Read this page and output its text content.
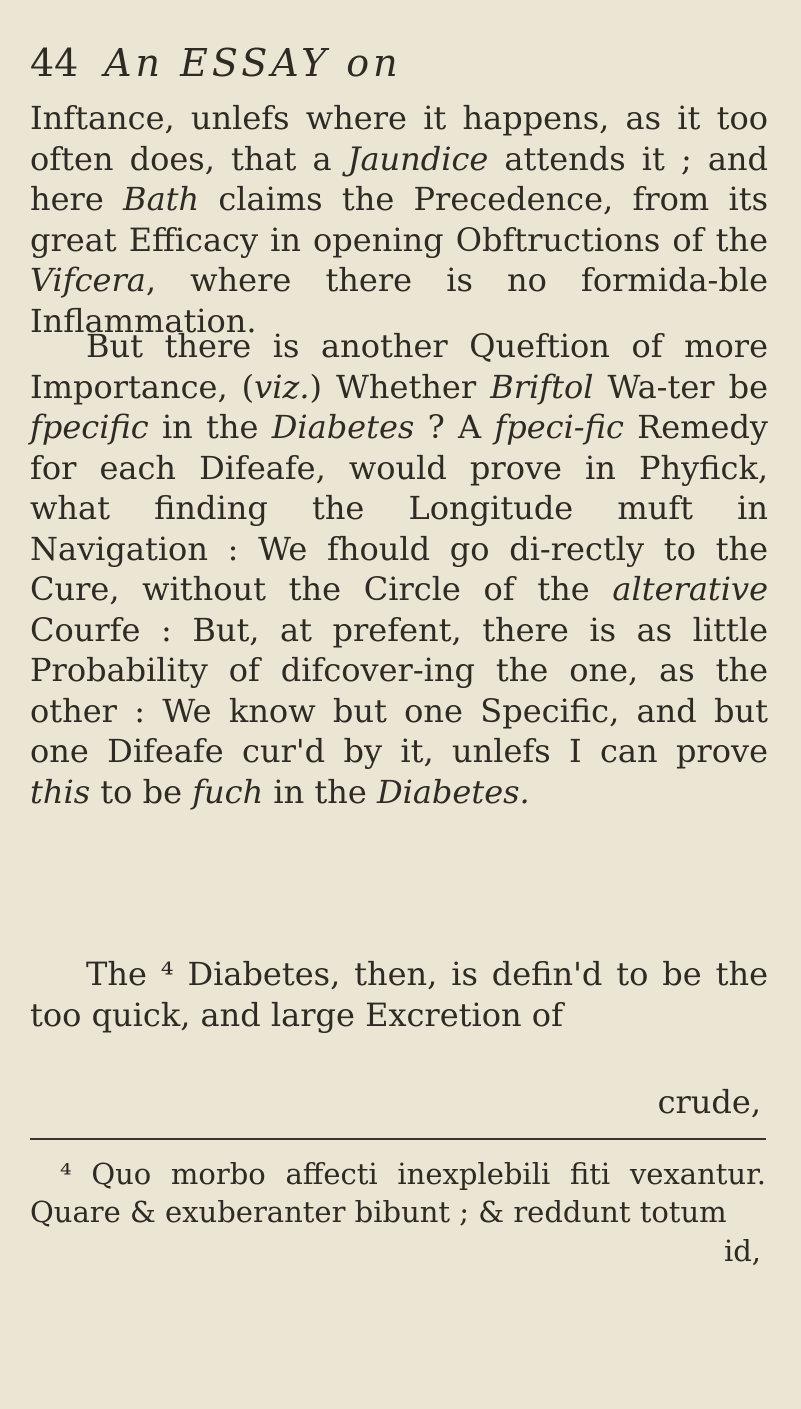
44 An ESSAY on

Inftance, unlefs where it happens, as it too often does, that a Jaundice attends it ; and here Bath claims the Precedence, from its great Efficacy in opening Obftructions of the Vifcera, where there is no formida-ble Inflammation.

But there is another Queftion of more Importance, (viz.) Whether Briftol Wa-ter be fpecific in the Diabetes ? A fpeci-fic Remedy for each Difeafe, would prove in Phyfick, what finding the Longitude muft in Navigation : We fhould go di-rectly to the Cure, without the Circle of the alterative Courfe : But, at prefent, there is as little Probability of difcover-ing the one, as the other : We know but one Specific, and but one Difeafe cur'd by it, unlefs I can prove this to be fuch in the Diabetes.

The ⁴ Diabetes, then, is defin'd to be the too quick, and large Excretion of

crude,
⁴ Quo morbo affecti inexplebili fiti vexantur. Quare & exuberanter bibunt ; & reddunt totum
id,
